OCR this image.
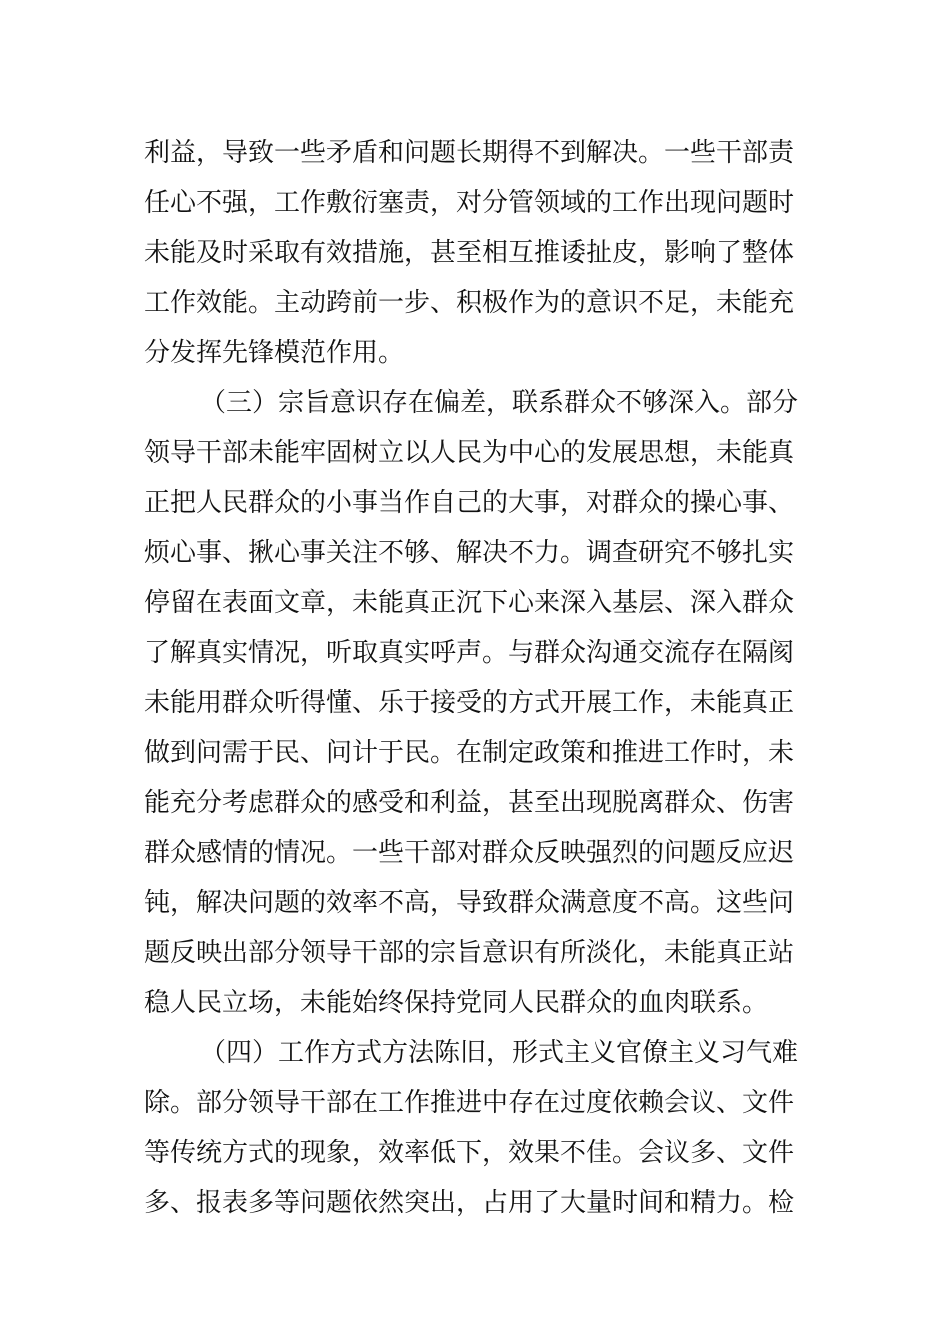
利益，导致一些矛盾和问题长期得不到解决。一些干部责
任心不强，工作敷衍塞责，对分管领域的工作出现问题时
未能及时采取有效措施，甚至相互推诿扯皮，影响了整体
工作效能。主动跨前一步、积极作为的意识不足，未能充
分发挥先锋模范作用。
（三）宗旨意识存在偏差，联系群众不够深入。部分
领导干部未能牢固树立以人民为中心的发展思想，未能真
正把人民群众的小事当作自己的大事，对群众的操心事、
烦心事、揪心事关注不够、解决不力。调查研究不够扎实
停留在表面文章，未能真正沉下心来深入基层、深入群众
了解真实情况，听取真实呼声。与群众沟通交流存在隔阂
未能用群众听得懂、乐于接受的方式开展工作，未能真正
做到问需于民、问计于民。在制定政策和推进工作时，未
能充分考虑群众的感受和利益，甚至出现脱离群众、伤害
群众感情的情况。一些干部对群众反映强烈的问题反应迟
钝，解决问题的效率不高，导致群众满意度不高。这些问
题反映出部分领导干部的宗旨意识有所淡化，未能真正站
稳人民立场，未能始终保持党同人民群众的血肉联系。
（四）工作方式方法陈旧，形式主义官僚主义习气难
除。部分领导干部在工作推进中存在过度依赖会议、文件
等传统方式的现象，效率低下，效果不佳。会议多、文件
多、报表多等问题依然突出，占用了大量时间和精力。检
